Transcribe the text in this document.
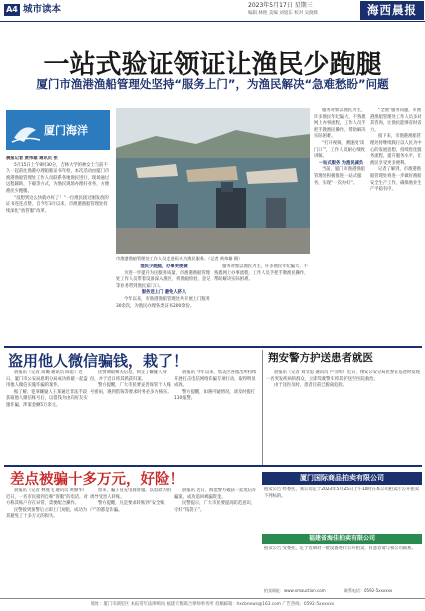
A4 城市读本	2023年5月17日 星期三
编辑 林艳 美编 刘旭东 校对 吴晓辉	海西晨报
一站式验证领证让渔民少跑腿
厦门市渔港渔船管理处坚持“服务上门”，为渔民解决“急难愁盼”问题
厦门海洋

晨报记者 黄伟雄 通讯员 张

5月15日上午9时30分，吉林大学的林女士与前不久一起前往渔港办理船舶证书年检，本次活动由厦门市渔港渔船管理处工作人员联系各地渔民进行，现场通过远程辅助、下载等方式，为渔民现场办理好业务，方便渔民少跑腿。

“没想到这么快就办好了！”一位渔民接过刚发放的证书连连点赞，自今年3月以来，市渔港渔船管理处持续深化“放管服”改革。

市渔港渔船管理处工作人员走进码头为渔民服务。（记者 黄伟雄 摄）

渔民少跑腿，办事更便捷

为进一步提升为民服务质量，市渔港渔船管理处工作人员带着设备深入渔区，将渔船检验、登记等业务带到渔民家门口。

服务送上门 避免人挤人

今年以来，市渔港渔船管理处共开展上门服务30余次，为渔民办理各类证书200余份。

服务对象以渔民为主，许多渔民年纪偏大，不熟悉网上办事流程，工作人员手把手教渔民操作，帮助解决实际困难。

服务对象以渔民为主，许多渔民年纪偏大，不熟悉网上办事流程，工作人员手把手教渔民操作，帮助解决实际困难。

“打开视频，测速度‘读门口’”，工作人员耐心细致讲解。

一站式服务 为渔民减负

当前，厦门市渔港渔船管理处积极推进一站式服务，实现“一次办好”。

“全渔”服务问题，市渔港渔船管理处工作人员多对其咨询，让渔民能够省时省力。

接下来，市渔港渔船管理处将继续践行以人民为中心的发展思想，持续优化服务流程，提升服务水平，让渔民享受更多便利。

记者了解到，市渔港渔船管理处将进一步做好渔船安全生产工作，确保渔业生产平稳有序。

盗用他人微信骗钱，栽了！

晨报讯（记者 高璐 通讯员 陈思）近日，厦门市公安局思明分局成功侦破一起盗用他人微信实施诈骗的案件。

据了解，犯罪嫌疑人王某通过非法手段获取他人微信账号后，以借钱为由向好友实施诈骗，涉案金额5万余元。

民警调取相关信息，锁定了嫌疑人身份，并于近日将其抓获归案。

警方提醒，广大市民要妥善保管个人账号密码，遇到借钱等要求时务必多方核实。

晨报讯 今年以来，集美区各派出所持续开展打击电信网络诈骗专项行动，取得明显成效。

警方提醒，如遇可疑情况，请及时拨打110报警。

翔安警方护送患者就医

晨报讯（记者 刘文思 通讯员 卢雪明）近日，翔安公安分局民警在巡逻时发现一名突发疾病的群众，立即驾驶警车将其护送至医院救治。

由于送医及时，患者目前已脱离危险。

差点被骗十多万元，好险！

晨报讯（记者 林燕飞 通讯员 黄丽华）近日，一名市民接到自称“客服”的电话，对方称其账户存在异常，需要配合操作。

民警接到预警后立即上门劝阻，成功为其避免了十多万元的损失。

原来，骗子冒充电商客服，以退款为由诱导受害人转账。

警方提醒，凡是要求转账到“安全账户”的都是诈骗。

晨报讯 近日，海沧警方破获一起电信诈骗案，成功追回被骗资金。

民警提示，广大市民要提高防范意识，守好“钱袋子”。

厦门国际商品拍卖有限公司
福建省海佳拍卖有限公司
拍卖公告 经委托，我公司定于2023年5月25日上午10时在本公司拍卖厅公开拍卖下列标的。
拍卖公告 受委托，定于近期对一批设备进行公开拍卖，有意者请与我公司联系。
拍卖网址：www.xmauction.com	联系电话：0592-5xxxxxx
地址：厦门市湖里区 本报常年法律顾问 福建天衡联合律师事务所 投稿邮箱：hxcbnews@163.com 广告热线：0592-5xxxxxx
